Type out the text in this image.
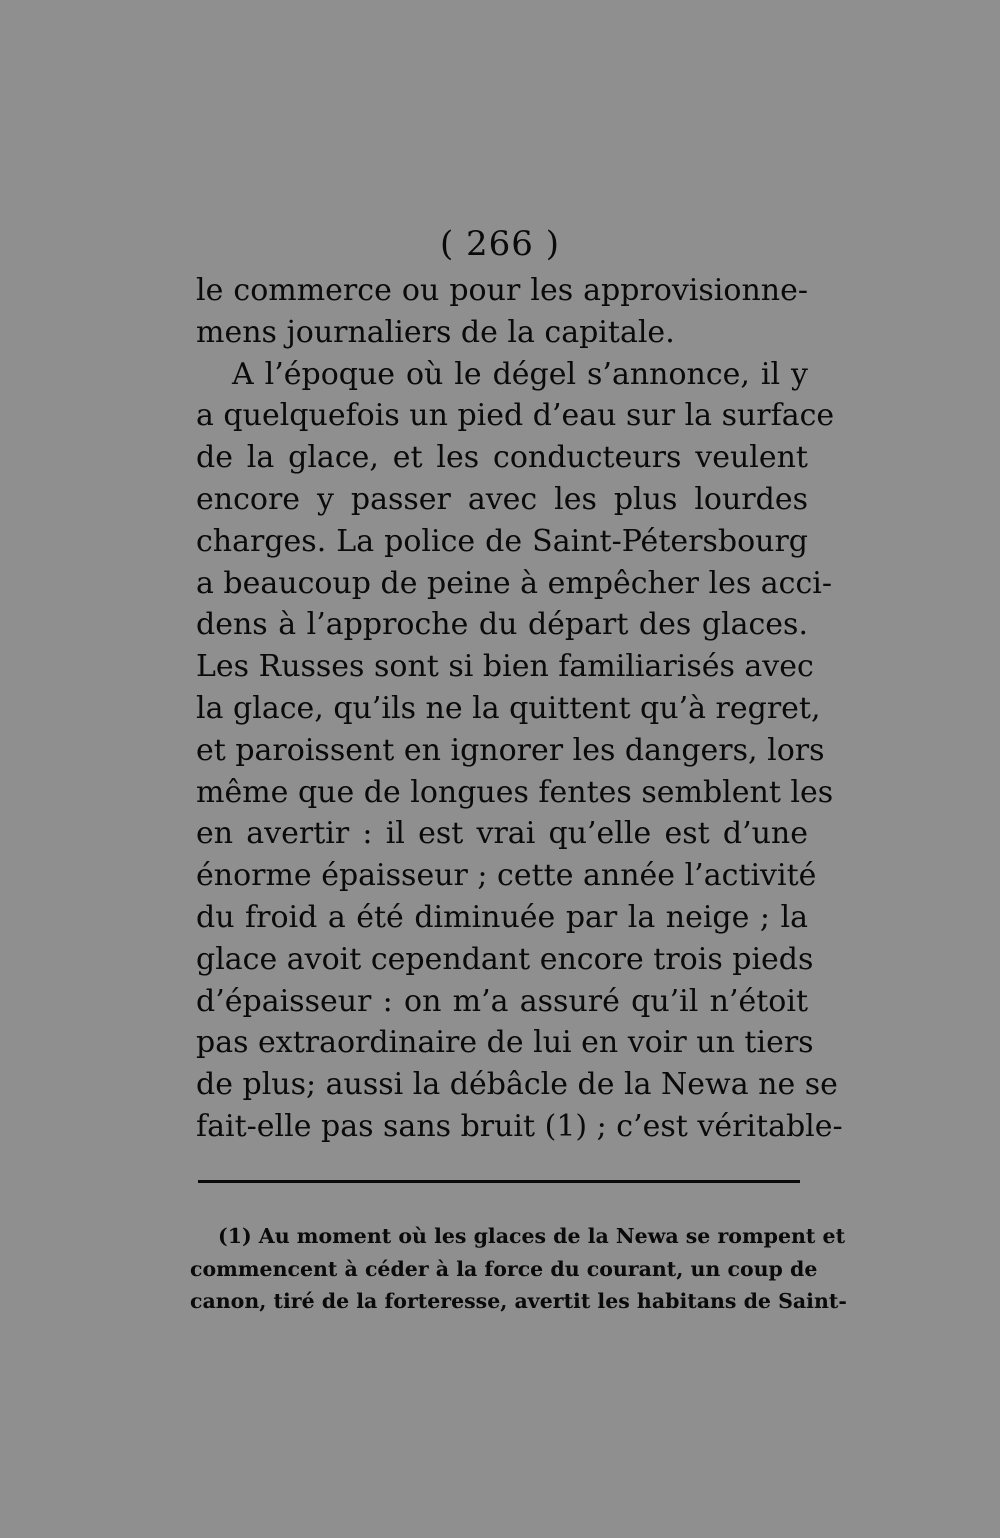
( 266 )
le commerce ou pour les approvisionne-
mens journaliers de la capitale.
A l’époque où le dégel s’annonce, il y
a quelquefois un pied d’eau sur la surface
de la glace, et les conducteurs veulent
encore y passer avec les plus lourdes
charges. La police de Saint-Pétersbourg
a beaucoup de peine à empêcher les acci-
dens à l’approche du départ des glaces.
Les Russes sont si bien familiarisés avec
la glace, qu’ils ne la quittent qu’à regret,
et paroissent en ignorer les dangers, lors
même que de longues fentes semblent les
en avertir : il est vrai qu’elle est d’une
énorme épaisseur ; cette année l’activité
du froid a été diminuée par la neige ; la
glace avoit cependant encore trois pieds
d’épaisseur : on m’a assuré qu’il n’étoit
pas extraordinaire de lui en voir un tiers
de plus; aussi la débâcle de la Newa ne se
fait-elle pas sans bruit (1) ; c’est véritable-
(1) Au moment où les glaces de la Newa se rompent et
commencent à céder à la force du courant, un coup de
canon, tiré de la forteresse, avertit les habitans de Saint-
